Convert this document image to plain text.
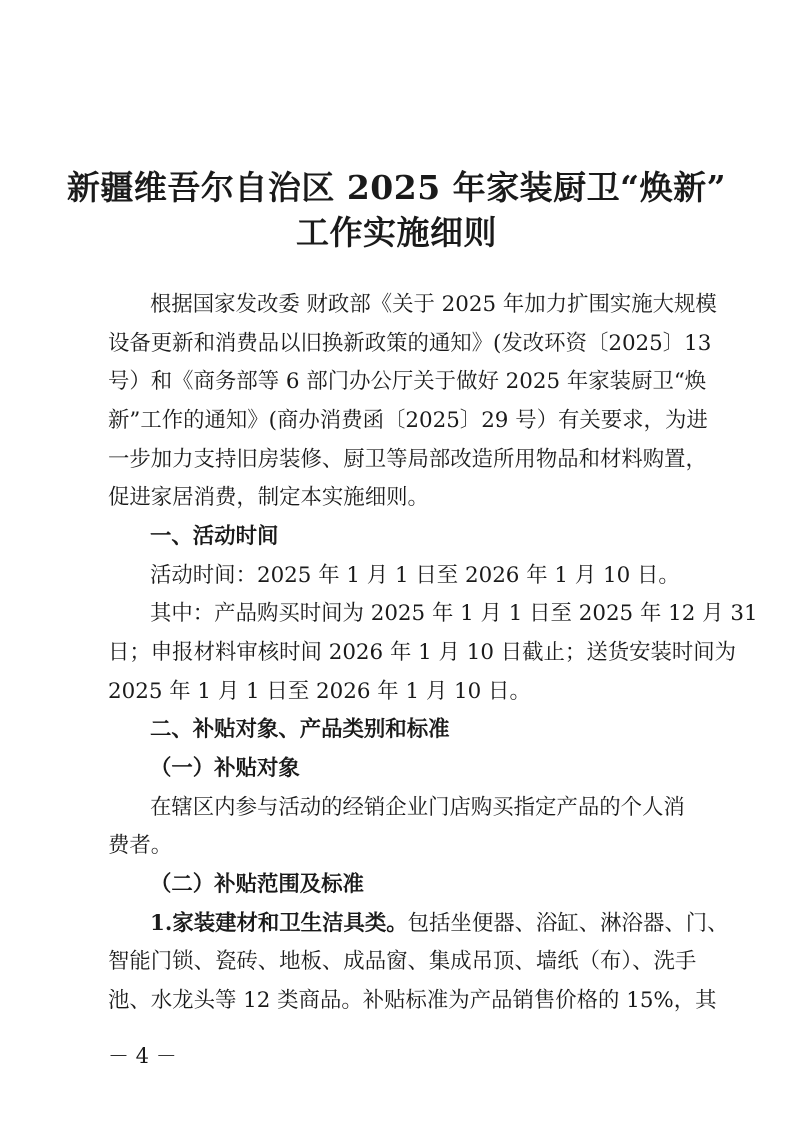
新疆维吾尔自治区 2025 年家装厨卫“焕新”
工作实施细则
根据国家发改委 财政部《关于 2025 年加力扩围实施大规模
设备更新和消费品以旧换新政策的通知》(发改环资〔2025〕13
号）和《商务部等 6 部门办公厅关于做好 2025 年家装厨卫“焕
新”工作的通知》(商办消费函〔2025〕29 号）有关要求，为进
一步加力支持旧房装修、厨卫等局部改造所用物品和材料购置，
促进家居消费，制定本实施细则。
一、活动时间
活动时间：2025 年 1 月 1 日至 2026 年 1 月 10 日。
其中：产品购买时间为 2025 年 1 月 1 日至 2025 年 12 月 31
日；申报材料审核时间 2026 年 1 月 10 日截止；送货安装时间为
2025 年 1 月 1 日至 2026 年 1 月 10 日。
二、补贴对象、产品类别和标准
（一）补贴对象
在辖区内参与活动的经销企业门店购买指定产品的个人消
费者。
（二）补贴范围及标准
1.家装建材和卫生洁具类。包括坐便器、浴缸、淋浴器、门、
智能门锁、瓷砖、地板、成品窗、集成吊顶、墙纸（布）、洗手
池、水龙头等 12 类商品。补贴标准为产品销售价格的 15%，其
－ 4 －
